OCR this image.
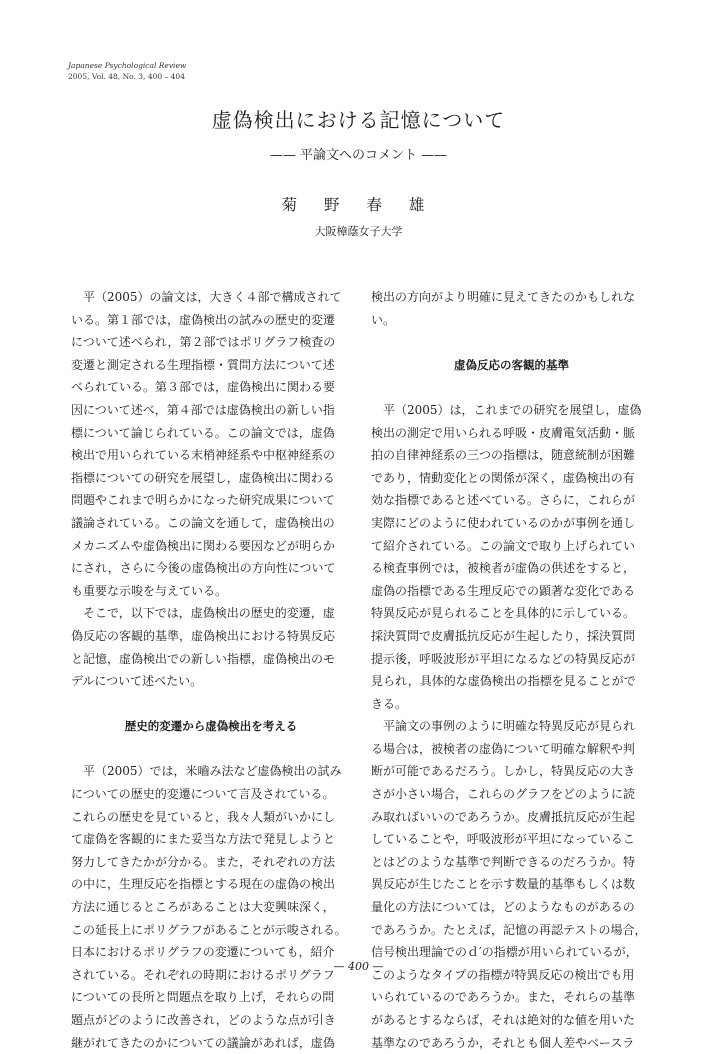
Japanese Psychological Review
2005, Vol. 48, No. 3, 400 – 404
虚偽検出における記憶について
—— 平論文へのコメント ——
菊 野 春 雄
大阪樟蔭女子大学

平（2005）の論文は，大きく４部で構成されて

いる。第１部では，虚偽検出の試みの歴史的変遷

について述べられ，第２部ではポリグラフ検査の

変遷と測定される生理指標・質問方法について述

べられている。第３部では，虚偽検出に関わる要

因について述べ，第４部では虚偽検出の新しい指

標について論じられている。この論文では，虚偽

検出で用いられている末梢神経系や中枢神経系の

指標についての研究を展望し，虚偽検出に関わる

問題やこれまで明らかになった研究成果について

議論されている。この論文を通して，虚偽検出の

メカニズムや虚偽検出に関わる要因などが明らか

にされ，さらに今後の虚偽検出の方向性について

も重要な示唆を与えている。

そこで，以下では，虚偽検出の歴史的変遷，虚

偽反応の客観的基準，虚偽検出における特異反応

と記憶，虚偽検出での新しい指標，虚偽検出のモ

デルについて述べたい。

歴史的変遷から虚偽検出を考える

平（2005）では，米嚙み法など虚偽検出の試み

についての歴史的変遷について言及されている。

これらの歴史を見ていると，我々人類がいかにし

て虚偽を客観的にまた妥当な方法で発見しようと

努力してきたかが分かる。また，それぞれの方法

の中に，生理反応を指標とする現在の虚偽の検出

方法に通じるところがあることは大変興味深く，

この延長上にポリグラフがあることが示唆される。

日本におけるポリグラフの変遷についても，紹介

されている。それぞれの時期におけるポリグラフ

についての長所と問題点を取り上げ，それらの問

題点がどのように改善され，どのような点が引き

継がれてきたのかについての議論があれば，虚偽

検出の方向がより明確に見えてきたのかもしれな

い。

虚偽反応の客観的基準

平（2005）は，これまでの研究を展望し，虚偽

検出の測定で用いられる呼吸・皮膚電気活動・脈

拍の自律神経系の三つの指標は，随意統制が困難

であり，情動変化との関係が深く，虚偽検出の有

効な指標であると述べている。さらに，これらが

実際にどのように使われているのかが事例を通し

て紹介されている。この論文で取り上げられてい

る検査事例では，被検者が虚偽の供述をすると，

虚偽の指標である生理反応での顕著な変化である

特異反応が見られることを具体的に示している。

採決質問で皮膚抵抗反応が生起したり，採決質問

提示後，呼吸波形が平坦になるなどの特異反応が

見られ，具体的な虚偽検出の指標を見ることがで

きる。

平論文の事例のように明確な特異反応が見られ

る場合は，被検者の虚偽について明確な解釈や判

断が可能であるだろう。しかし，特異反応の大き

さが小さい場合，これらのグラフをどのように読

み取ればいいのであろうか。皮膚抵抗反応が生起

していることや，呼吸波形が平坦になっているこ

とはどのような基準で判断できるのだろうか。特

異反応が生じたことを示す数量的基準もしくは数

量化の方法については，どのようなものがあるの

であろうか。たとえば，記憶の再認テストの場合，

信号検出理論でのｄ′の指標が用いられているが，

このようなタイプの指標が特異反応の検出でも用

いられているのであろうか。また，それらの基準

があるとするならば，それは絶対的な値を用いた

基準なのであろうか，それとも個人差やベースラ

— 400 —
